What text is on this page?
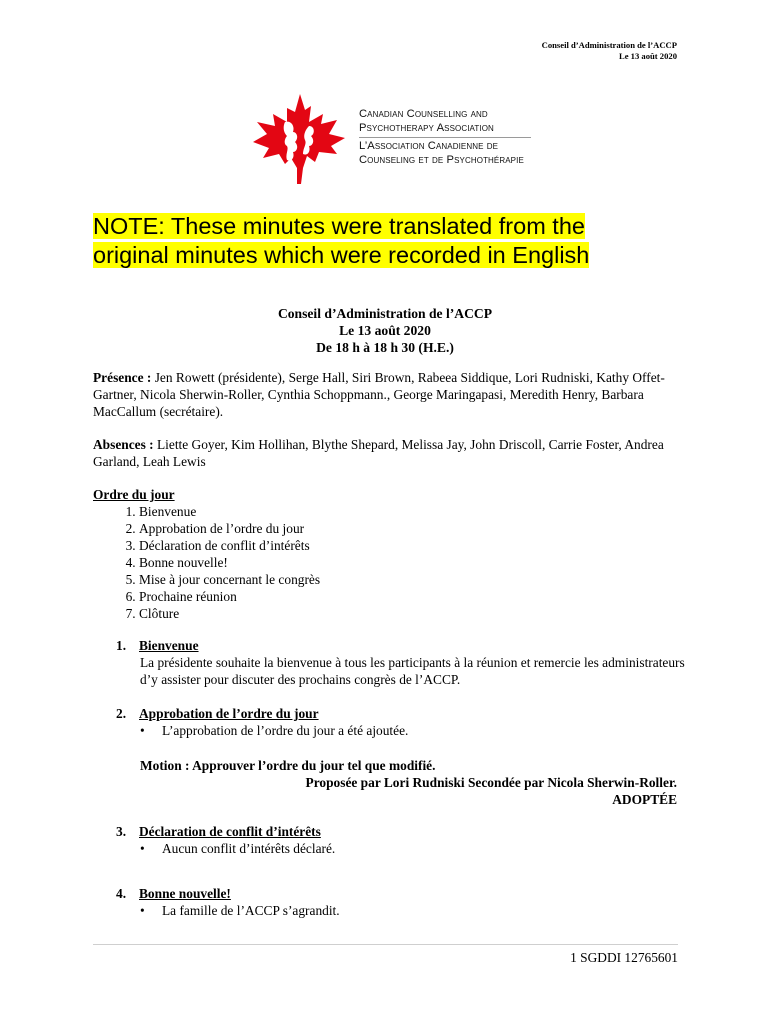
Conseil d’Administration de l’ACCP
Le 13 août 2020
Canadian Counselling and
Psychotherapy Association
L’Association Canadienne de
Counseling et de Psychothérapie
NOTE: These minutes were translated from the
original minutes which were recorded in English
Conseil d’Administration de l’ACCP
Le 13 août 2020
De 18 h à 18 h 30 (H.E.)
Présence : Jen Rowett (présidente), Serge Hall, Siri Brown, Rabeea Siddique, Lori Rudniski, Kathy Offet-Gartner, Nicola Sherwin-Roller, Cynthia Schoppmann., George Maringapasi, Meredith Henry, Barbara MacCallum (secrétaire).
Absences : Liette Goyer, Kim Hollihan, Blythe Shepard, Melissa Jay, John Driscoll, Carrie Foster, Andrea Garland, Leah Lewis
Ordre du jour
1. Bienvenue
2. Approbation de l’ordre du jour
3. Déclaration de conflit d’intérêts
4. Bonne nouvelle!
5. Mise à jour concernant le congrès
6. Prochaine réunion
7. Clôture
1. Bienvenue
La présidente souhaite la bienvenue à tous les participants à la réunion et remercie les administrateurs d’y assister pour discuter des prochains congrès de l’ACCP.
2. Approbation de l’ordre du jour
• L’approbation de l’ordre du jour a été ajoutée.
Motion : Approuver l’ordre du jour tel que modifié.
Proposée par Lori Rudniski Secondée par Nicola Sherwin-Roller.
ADOPTÉE
3. Déclaration de conflit d’intérêts
• Aucun conflit d’intérêts déclaré.
4. Bonne nouvelle!
• La famille de l’ACCP s’agrandit.
1 SGDDI 12765601
